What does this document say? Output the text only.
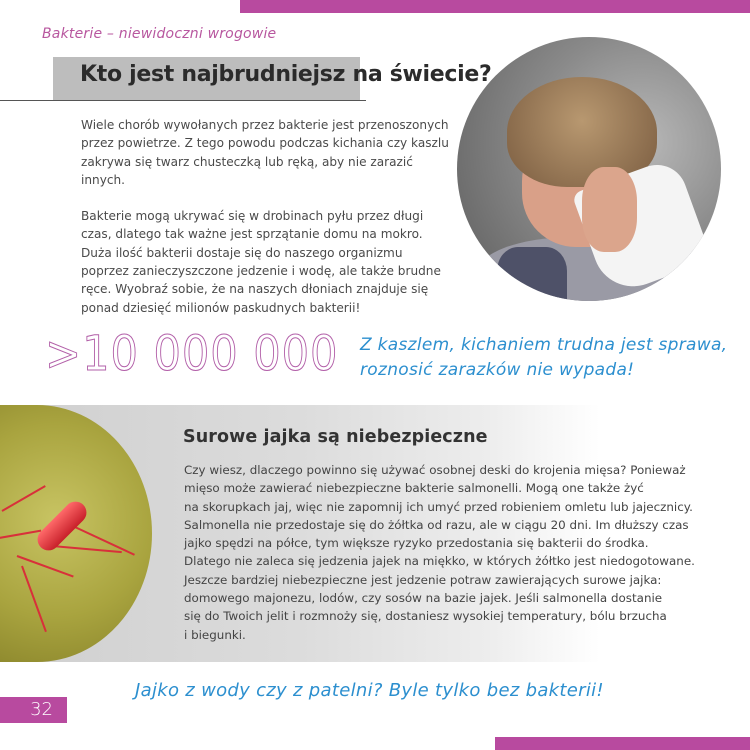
Bakterie – niewidoczni wrogowie
Kto jest najbrudniejsz na świecie?

Wiele chorób wywołanych przez bakterie jest przenoszonych przez powietrze. Z tego powodu podczas kichania czy kaszlu zakrywa się twarz chusteczką lub ręką, aby nie zarazić innych.

Bakterie mogą ukrywać się w drobinach pyłu przez długi czas, dlatego tak ważne jest sprzątanie domu na mokro. Duża ilość bakterii dostaje się do naszego organizmu poprzez zanieczyszczone jedzenie i wodę, ale także brudne ręce. Wyobraź sobie, że na naszych dłoniach znajduje się ponad dziesięć milionów paskudnych bakterii!

>10 000 000 Z kaszlem, kichaniem trudna jest sprawa,
roznosić zarazków nie wypada!
Surowe jajka są niebezpieczne
Czy wiesz, dlaczego powinno się używać osobnej deski do krojenia mięsa? Ponieważ
mięso może zawierać niebezpieczne bakterie salmonelli. Mogą one także żyć
na skorupkach jaj, więc nie zapomnij ich umyć przed robieniem omletu lub jajecznicy.
Salmonella nie przedostaje się do żółtka od razu, ale w ciągu 20 dni. Im dłuższy czas
jajko spędzi na półce, tym większe ryzyko przedostania się bakterii do środka.
Dlatego nie zaleca się jedzenia jajek na miękko, w których żółtko jest niedogotowane.
Jeszcze bardziej niebezpieczne jest jedzenie potraw zawierających surowe jajka:
domowego majonezu, lodów, czy sosów na bazie jajek. Jeśli salmonella dostanie
się do Twoich jelit i rozmnoży się, dostaniesz wysokiej temperatury, bólu brzucha
i biegunki.
32
Jajko z wody czy z patelni? Byle tylko bez bakterii!
